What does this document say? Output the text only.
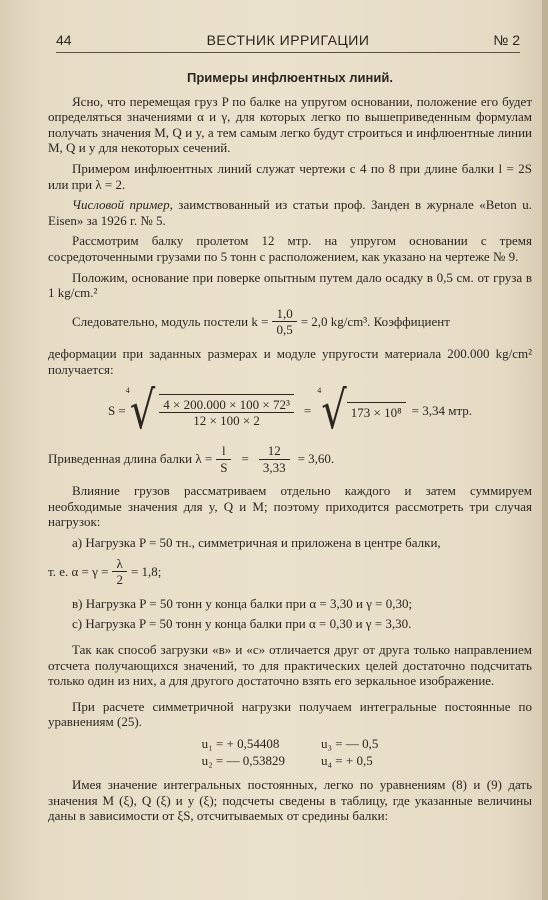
44	ВЕСТНИК ИРРИГАЦИИ	№ 2
Примеры инфлюентных линий.

Ясно, что перемещая груз P по балке на упругом основании, положение его будет определяться значениями α и γ, для которых легко по вышеприведенным формулам получать значения M, Q и y, а тем самым легко будут строиться и инфлюентные линии M, Q и y для некоторых сечений.

Примером инфлюентных линий служат чертежи с 4 по 8 при длине балки l = 2S или при λ = 2.

Числовой пример, заимствованный из статьи проф. Занден в журнале «Beton u. Eisen» за 1926 г. № 5.

Рассмотрим балку пролетом 12 мтр. на упругом основании с тремя сосредоточенными грузами по 5 тонн с расположением, как указано на чертеже № 9.

Положим, основание при поверке опытным путем дало осадку в 0,5 см. от груза в 1 kg/cm.²

Следовательно, модуль постели $k = \frac{1,0}{0,5} = 2,0$ kg/cm³. Коэффициент

деформации при заданных размерах и модуле упругости материала 200.000 kg/cm² получается:

S =
4 √ $\frac{\text{4 × 200.000 × 100 × 72³}}{12 \times 100 \times 2}$ =
4 √ 173 × 10⁸ = 3,34 мтр.
Приведенная длина балки $\lambda = \frac{l}{S} = \frac{12}{3,33} = 3,60$.

Влияние грузов рассматриваем отдельно каждого и затем суммируем необходимые значения для y, Q и M; поэтому приходится рассмотреть три случая нагрузок:

a) Нагрузка P = 50 тн., симметричная и приложена в центре балки,

т. е. $\alpha = \gamma = \frac{\lambda}{2} = 1,8$;

в) Нагрузка P = 50 тонн у конца балки при α = 3,30 и γ = 0,30;

c) Нагрузка P = 50 тонн у конца балки при α = 0,30 и γ = 3,30.

Так как способ загрузки «в» и «с» отличается друг от друга только направлением отсчета получающихся значений, то для практических целей достаточно подсчитать только один из них, а для другого достаточно взять его зеркальное изображение.

При расчете симметричной нагрузки получаем интегральные постоянные по уравнениям (25).

u₁ = + 0,54408
u₂ = — 0,53829
u₃ = — 0,5
u₄ = + 0,5

Имея значение интегральных постоянных, легко по уравнениям (8) и (9) дать значения M (ξ), Q (ξ) и y (ξ); подсчеты сведены в таблицу, где указанные величины даны в зависимости от ξS, отсчитываемых от средины балки:
